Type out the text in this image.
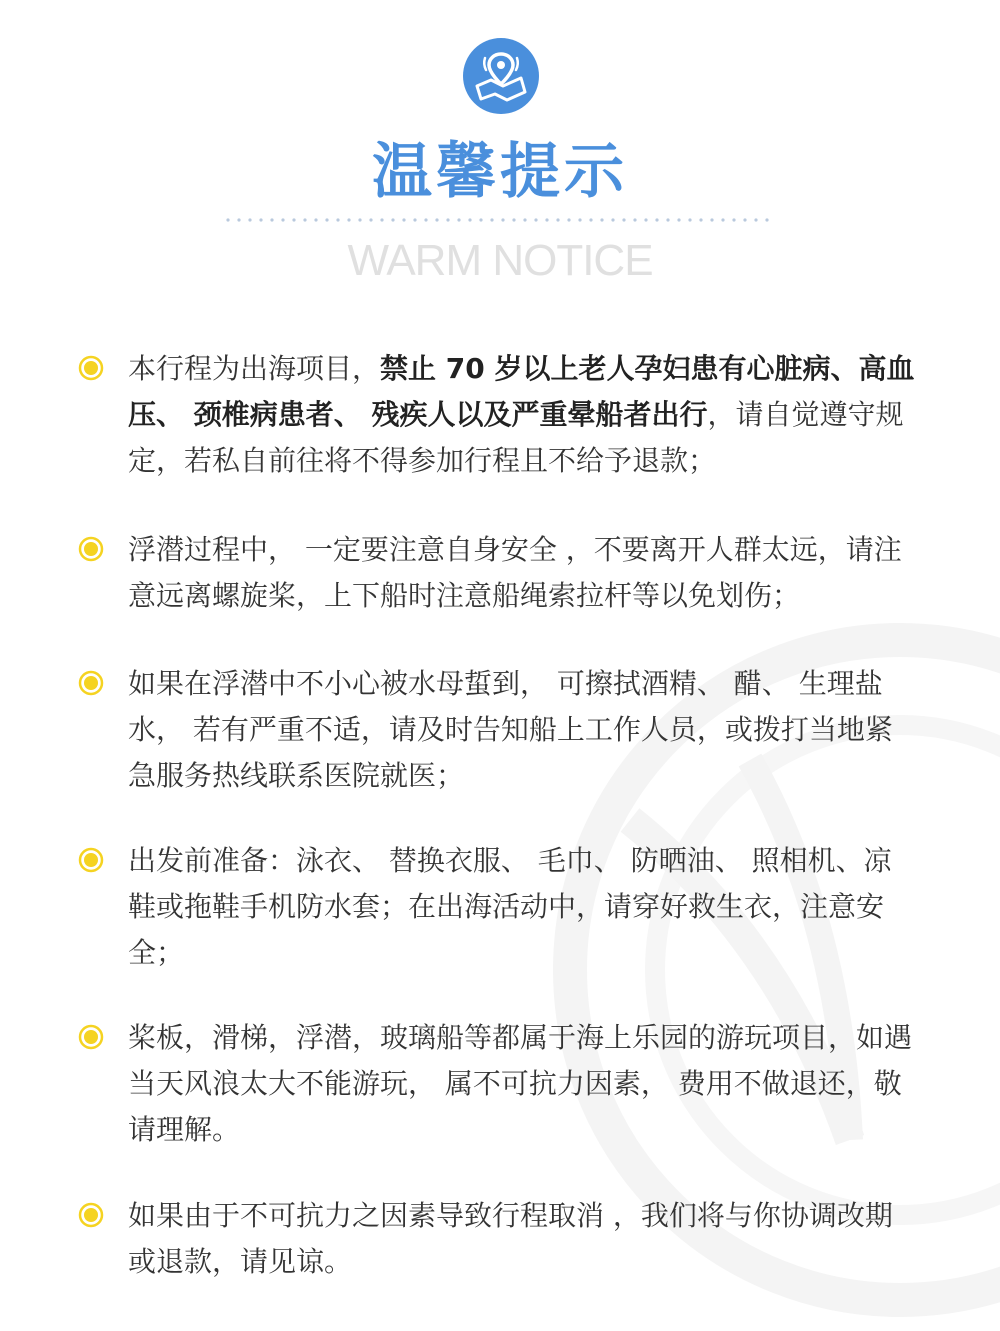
温馨提示
WARM NOTICE
本行程为出海项目，禁止 70 岁以上老人孕妇患有心脏病、高血压、 颈椎病患者、 残疾人以及严重晕船者出行，请自觉遵守规定，若私自前往将不得参加行程且不给予退款；
浮潜过程中， 一定要注意自身安全 ，不要离开人群太远，请注意远离螺旋桨，上下船时注意船绳索拉杆等以免划伤；
如果在浮潜中不小心被水母蜇到， 可擦拭酒精、 醋、 生理盐水， 若有严重不适，请及时告知船上工作人员，或拨打当地紧急服务热线联系医院就医；
出发前准备：泳衣、 替换衣服、 毛巾、 防晒油、 照相机、凉鞋或拖鞋手机防水套；在出海活动中，请穿好救生衣，注意安全；
桨板，滑梯，浮潜，玻璃船等都属于海上乐园的游玩项目，如遇当天风浪太大不能游玩， 属不可抗力因素， 费用不做退还，敬请理解。
如果由于不可抗力之因素导致行程取消 ，我们将与你协调改期或退款，请见谅。
